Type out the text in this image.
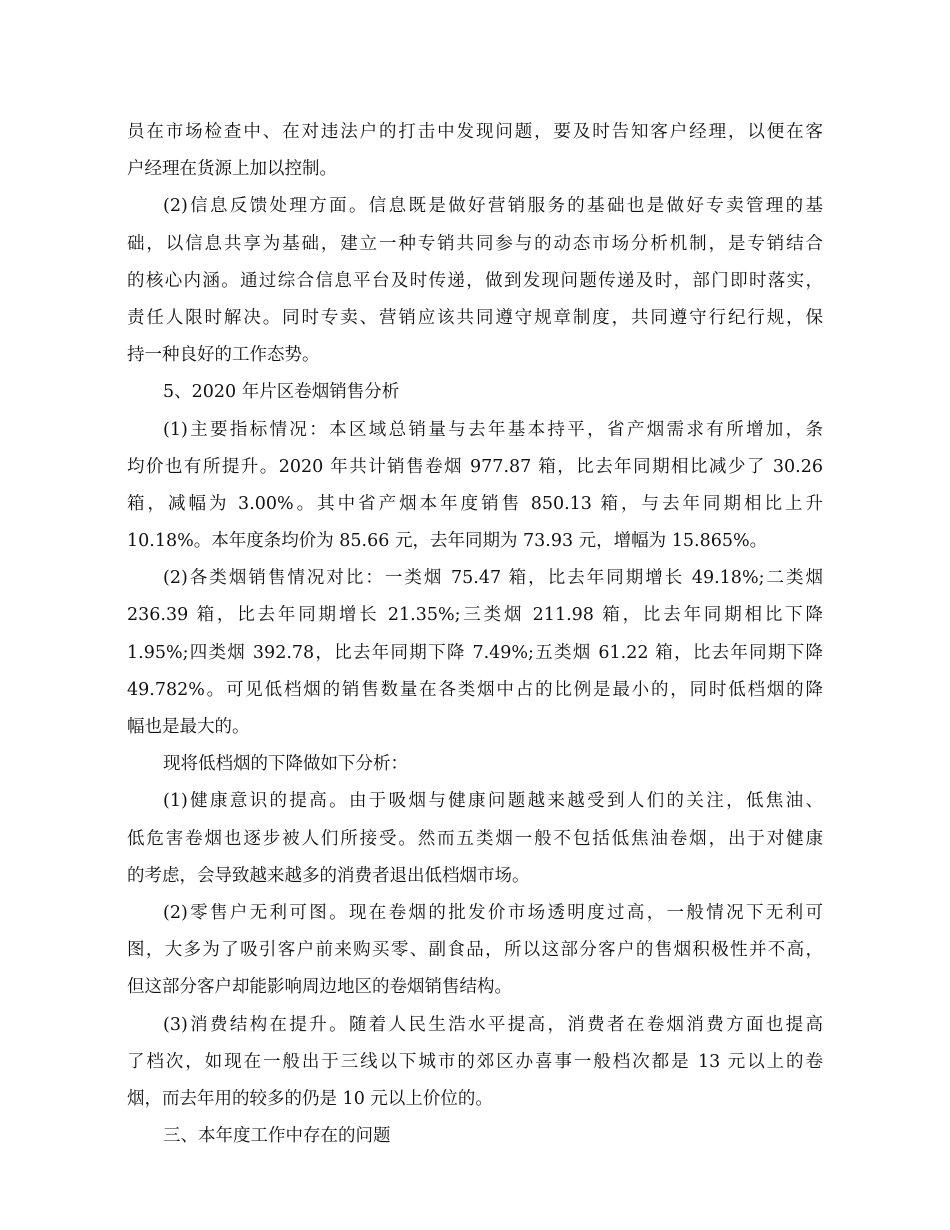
员在市场检查中、在对违法户的打击中发现问题，要及时告知客户经理，以便在客
户经理在货源上加以控制。
(2)信息反馈处理方面。信息既是做好营销服务的基础也是做好专卖管理的基
础，以信息共享为基础，建立一种专销共同参与的动态市场分析机制，是专销结合
的核心内涵。通过综合信息平台及时传递，做到发现问题传递及时，部门即时落实，
责任人限时解决。同时专卖、营销应该共同遵守规章制度，共同遵守行纪行规，保
持一种良好的工作态势。
5、2020 年片区卷烟销售分析
(1)主要指标情况：本区域总销量与去年基本持平，省产烟需求有所增加，条
均价也有所提升。2020 年共计销售卷烟 977.87 箱，比去年同期相比减少了 30.26
箱，减幅为 3.00%。其中省产烟本年度销售 850.13 箱，与去年同期相比上升
10.18%。本年度条均价为 85.66 元，去年同期为 73.93 元，增幅为 15.865%。
(2)各类烟销售情况对比：一类烟 75.47 箱，比去年同期增长 49.18%;二类烟
236.39 箱，比去年同期增长 21.35%;三类烟 211.98 箱，比去年同期相比下降
1.95%;四类烟 392.78，比去年同期下降 7.49%;五类烟 61.22 箱，比去年同期下降
49.782%。可见低档烟的销售数量在各类烟中占的比例是最小的，同时低档烟的降
幅也是最大的。
现将低档烟的下降做如下分析：
(1)健康意识的提高。由于吸烟与健康问题越来越受到人们的关注，低焦油、
低危害卷烟也逐步被人们所接受。然而五类烟一般不包括低焦油卷烟，出于对健康
的考虑，会导致越来越多的消费者退出低档烟市场。
(2)零售户无利可图。现在卷烟的批发价市场透明度过高，一般情况下无利可
图，大多为了吸引客户前来购买零、副食品，所以这部分客户的售烟积极性并不高，
但这部分客户却能影响周边地区的卷烟销售结构。
(3)消费结构在提升。随着人民生浩水平提高，消费者在卷烟消费方面也提高
了档次，如现在一般出于三线以下城市的郊区办喜事一般档次都是 13 元以上的卷
烟，而去年用的较多的仍是 10 元以上价位的。
三、本年度工作中存在的问题
